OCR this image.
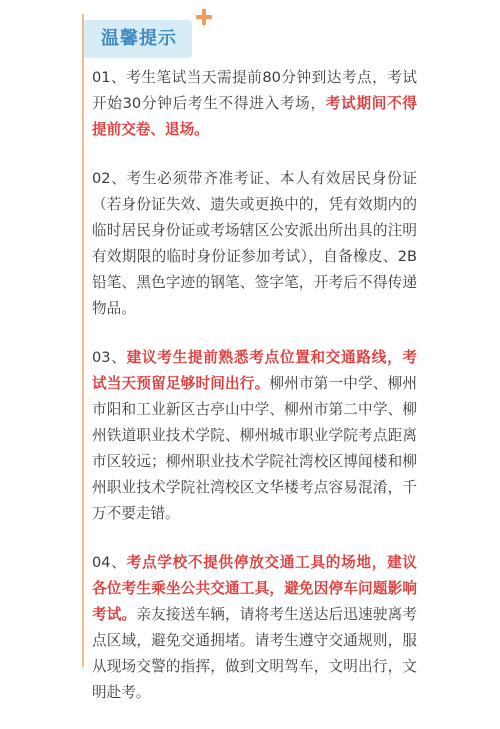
温馨提示

01、考生笔试当天需提前80分钟到达考点，考试开始30分钟后考生不得进入考场，考试期间不得提前交卷、退场。

02、考生必须带齐准考证、本人有效居民身份证（若身份证失效、遗失或更换中的，凭有效期内的临时居民身份证或考场辖区公安派出所出具的注明有效期限的临时身份证参加考试），自备橡皮、2B铅笔、黑色字迹的钢笔、签字笔，开考后不得传递物品。

03、建议考生提前熟悉考点位置和交通路线，考试当天预留足够时间出行。柳州市第一中学、柳州市阳和工业新区古亭山中学、柳州市第二中学、柳州铁道职业技术学院、柳州城市职业学院考点距离市区较远；柳州职业技术学院社湾校区博闻楼和柳州职业技术学院社湾校区文华楼考点容易混淆，千万不要走错。

04、考点学校不提供停放交通工具的场地，建议各位考生乘坐公共交通工具，避免因停车问题影响考试。亲友接送车辆，请将考生送达后迅速驶离考点区域，避免交通拥堵。请考生遵守交通规则，服从现场交警的指挥，做到文明驾车，文明出行，文明赴考。
